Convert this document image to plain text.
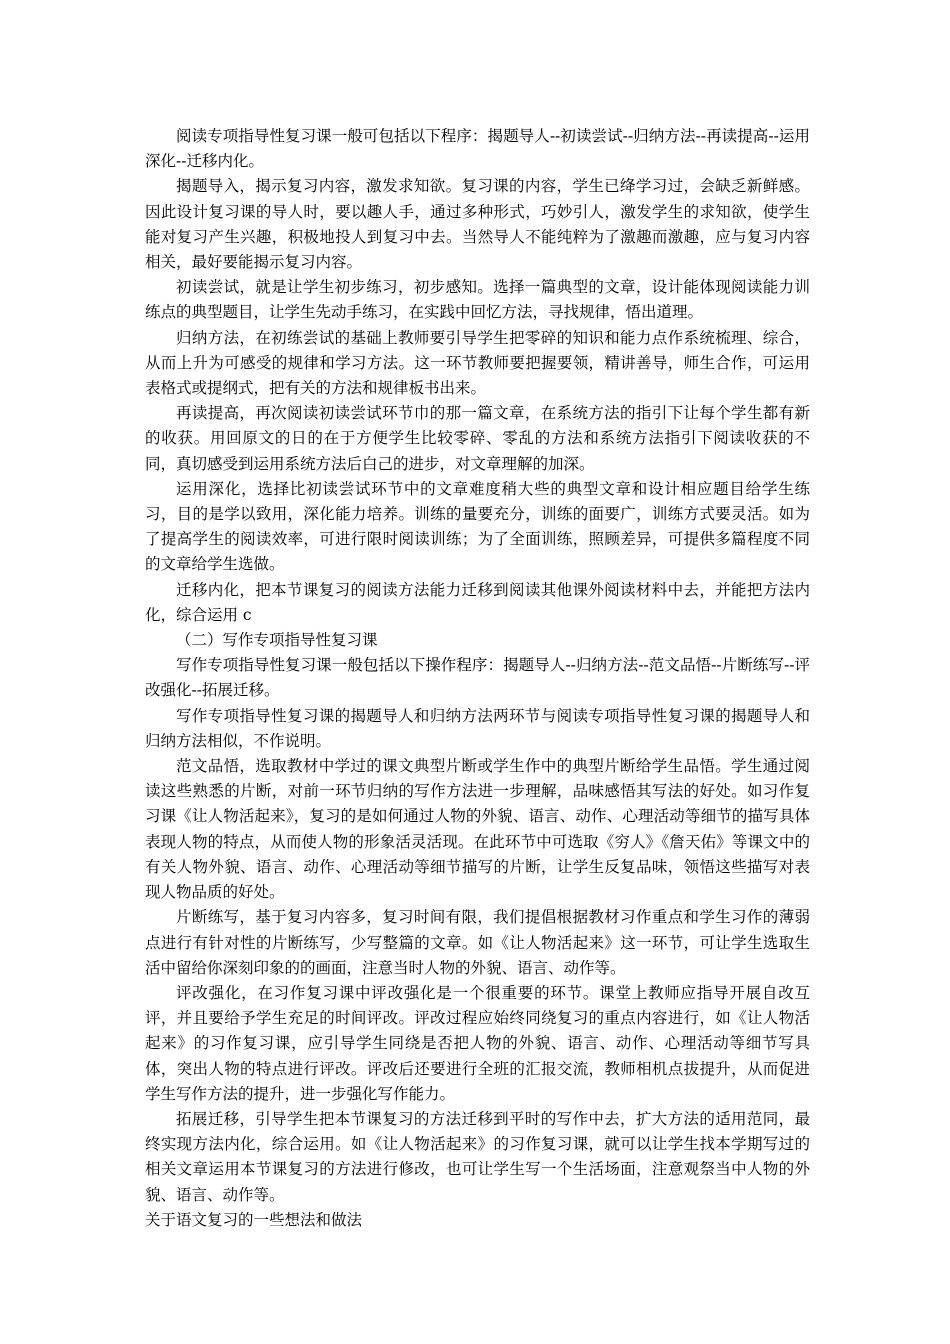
阅读专项指导性复习课一般可包括以下程序：揭题导人--初读尝试--归纳方法--再读提高--运用深化--迁移内化。

揭题导入，揭示复习内容，激发求知欲。复习课的内容，学生已绛学习过，会缺乏新鲜感。因此设计复习课的导人时，要以趣人手，通过多种形式，巧妙引人，激发学生的求知欲，使学生能对复习产生兴趣，积极地投人到复习中去。当然导人不能纯粹为了激趣而激趣，应与复习内容相关，最好要能揭示复习内容。

初读尝试，就是让学生初步练习，初步感知。选择一篇典型的文章，设计能体现阅读能力训练点的典型题目，让学生先动手练习，在实践中回忆方法，寻找规律，悟出道理。

归纳方法，在初练尝试的基础上教师要引导学生把零碎的知识和能力点作系统梳理、综合，从而上升为可感受的规律和学习方法。这一环节教师要把握要领，精讲善导，师生合作，可运用表格式或提纲式，把有关的方法和规律板书出来。

再读提高，再次阅读初读尝试环节巾的那一篇文章，在系统方法的指引下让每个学生都有新的收获。用回原文的日的在于方便学生比较零碎、零乱的方法和系统方法指引下阅读收获的不同，真切感受到运用系统方法后白己的进步，对文章理解的加深。

运用深化，选择比初读尝试环节中的文章难度稍大些的典型文章和设计相应题目给学生练习，目的是学以致用，深化能力培养。训练的量要充分，训练的面要广，训练方式要灵活。如为了提高学生的阅读效率，可进行限时阅读训练；为了全面训练，照顾差异，可提供多篇程度不同的文章给学生选做。

迁移内化，把本节课复习的阅读方法能力迁移到阅读其他课外阅读材料中去，并能把方法内化，综合运用 c

（二）写作专项指导性复习课

写作专项指导性复习课一般包括以下操作程序：揭题导人--归纳方法--范文品悟--片断练写--评改强化--拓展迁移。

写作专项指导性复习课的揭题导人和归纳方法两环节与阅读专项指导性复习课的揭题导人和归纳方法相似，不作说明。

范文品悟，选取教材中学过的课文典型片断或学生作中的典型片断给学生品悟。学生通过阅读这些熟悉的片断，对前一环节归纳的写作方法进一步理解，品味感悟其写法的好处。如习作复习课《让人物活起来》，复习的是如何通过人物的外貌、语言、动作、心理活动等细节的描写具体表现人物的特点，从而使人物的形象活灵活现。在此环节中可选取《穷人》《詹天佑》等课文中的有关人物外貌、语言、动作、心理活动等细节描写的片断，让学生反复品味，领悟这些描写对表现人物品质的好处。

片断练写，基于复习内容多，复习时间有限，我们提倡根据教材习作重点和学生习作的薄弱点进行有针对性的片断练写，少写整篇的文章。如《让人物活起来》这一环节，可让学生选取生活中留给你深刻印象的的画面，注意当时人物的外貌、语言、动作等。

评改强化，在习作复习课中评改强化是一个很重要的环节。课堂上教师应指导开展自改互评，并且要给予学生充足的时间评改。评改过程应始终同绕复习的重点内容进行，如《让人物活起来》的习作复习课，应引导学生同绕是否把人物的外貌、语言、动作、心理活动等细节写具体，突出人物的特点进行评改。评改后还要进行全班的汇报交流，教师相机点拔提升，从而促进学生写作方法的提升，进一步强化写作能力。

拓展迁移，引导学生把本节课复习的方法迁移到平时的写作中去，扩大方法的适用范同，最终实现方法内化，综合运用。如《让人物活起来》的习作复习课，就可以让学生找本学期写过的相关文章运用本节课复习的方法进行修改，也可让学生写一个生活场面，注意观祭当中人物的外貌、语言、动作等。

关于语文复习的一些想法和做法
